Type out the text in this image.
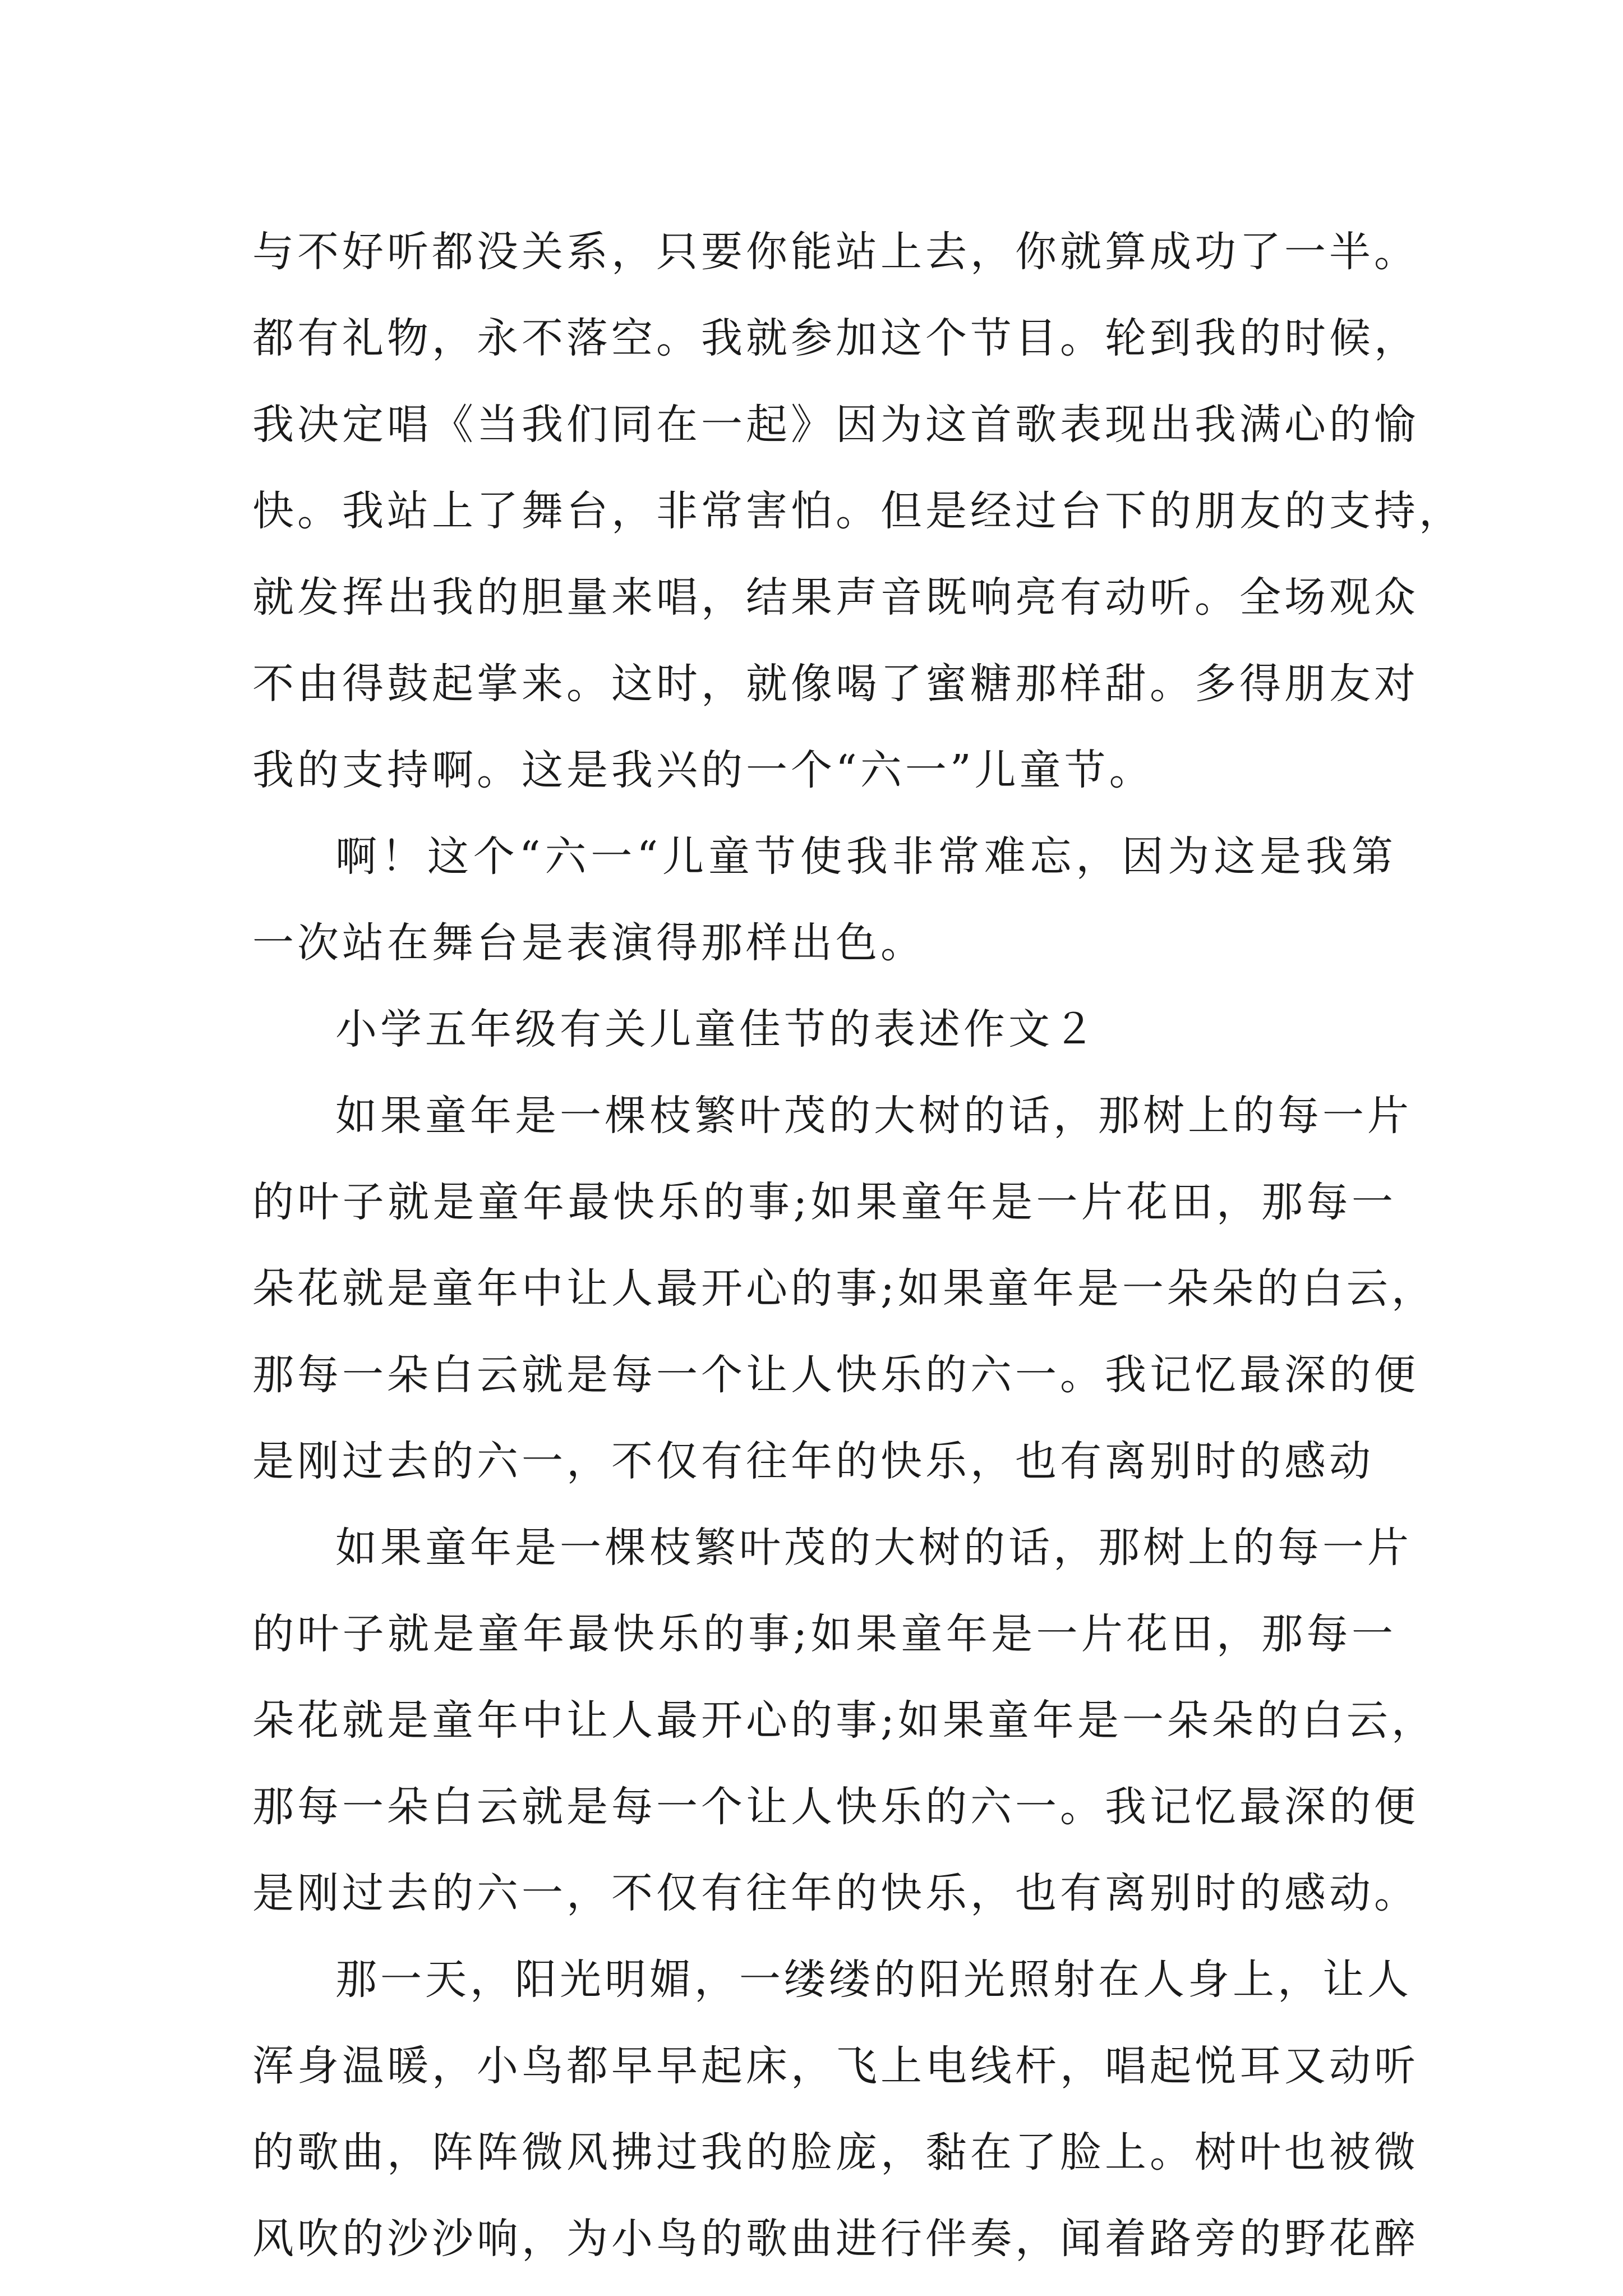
与不好听都没关系，只要你能站上去，你就算成功了一半。
都有礼物，永不落空。我就参加这个节目。轮到我的时候，
我决定唱《当我们同在一起》因为这首歌表现出我满心的愉
快。我站上了舞台，非常害怕。但是经过台下的朋友的支持，
就发挥出我的胆量来唱，结果声音既响亮有动听。全场观众
不由得鼓起掌来。这时，就像喝了蜜糖那样甜。多得朋友对
我的支持啊。这是我兴的一个“六一”儿童节。
啊！这个“六一“儿童节使我非常难忘，因为这是我第
一次站在舞台是表演得那样出色。
小学五年级有关儿童佳节的表述作文２
如果童年是一棵枝繁叶茂的大树的话，那树上的每一片
的叶子就是童年最快乐的事;如果童年是一片花田，那每一
朵花就是童年中让人最开心的事;如果童年是一朵朵的白云，
那每一朵白云就是每一个让人快乐的六一。我记忆最深的便
是刚过去的六一，不仅有往年的快乐，也有离别时的感动
如果童年是一棵枝繁叶茂的大树的话，那树上的每一片
的叶子就是童年最快乐的事;如果童年是一片花田，那每一
朵花就是童年中让人最开心的事;如果童年是一朵朵的白云，
那每一朵白云就是每一个让人快乐的六一。我记忆最深的便
是刚过去的六一，不仅有往年的快乐，也有离别时的感动。
那一天，阳光明媚，一缕缕的阳光照射在人身上，让人
浑身温暖，小鸟都早早起床，飞上电线杆，唱起悦耳又动听
的歌曲，阵阵微风拂过我的脸庞，黏在了脸上。树叶也被微
风吹的沙沙响，为小鸟的歌曲进行伴奏，闻着路旁的野花醉
